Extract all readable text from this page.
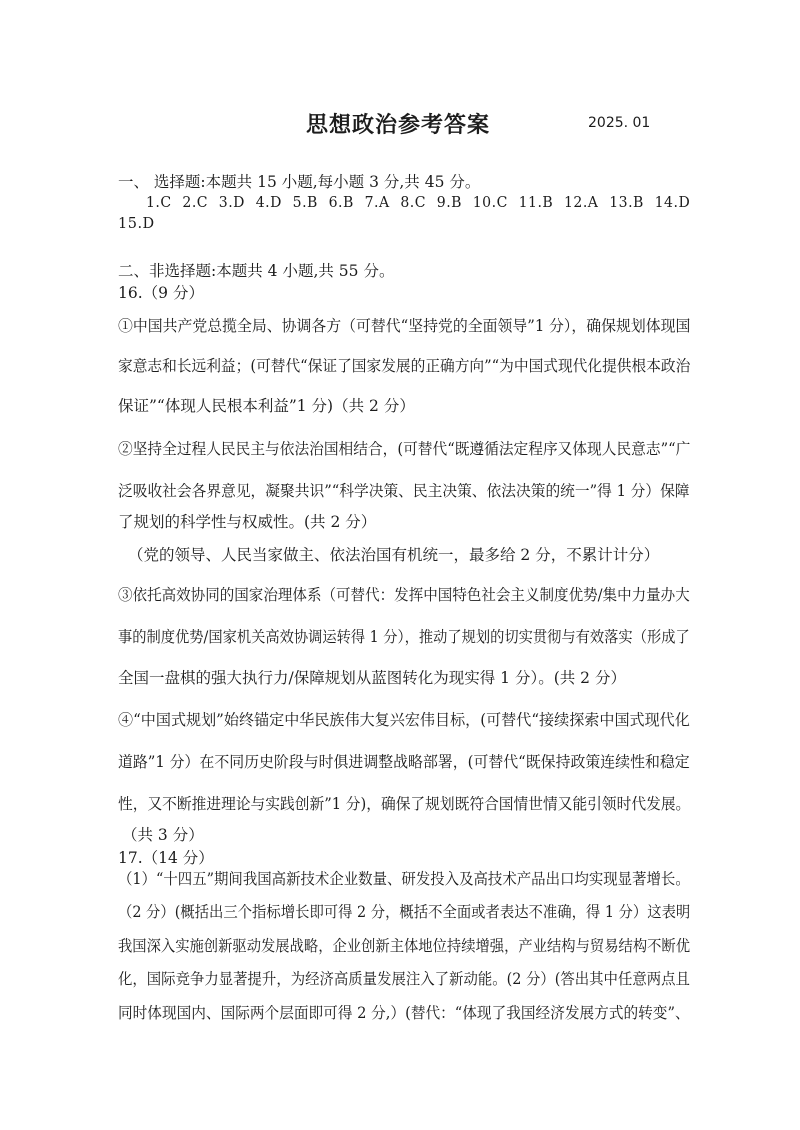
思想政治参考答案	2025. 01
一、 选择题:本题共 15 小题,每小题 3 分,共 45 分。
1.C 2.C 3.D 4.D 5.B 6.B 7.A 8.C 9.B 10.C 11.B 12.A 13.B 14.D
15.D
二、非选择题:本题共 4 小题,共 55 分。
16.（9 分）
①中国共产党总揽全局、协调各方（可替代“坚持党的全面领导”1 分），确保规划体现国
家意志和长远利益；(可替代“保证了国家发展的正确方向”“为中国式现代化提供根本政治
保证”“体现人民根本利益”1 分)（共 2 分）
②坚持全过程人民民主与依法治国相结合，(可替代“既遵循法定程序又体现人民意志”“广
泛吸收社会各界意见，凝聚共识”“科学决策、民主决策、依法决策的统一”得 1 分）保障
了规划的科学性与权威性。(共 2 分）
（党的领导、人民当家做主、依法治国有机统一，最多给 2 分，不累计计分）
③依托高效协同的国家治理体系（可替代：发挥中国特色社会主义制度优势/集中力量办大
事的制度优势/国家机关高效协调运转得 1 分），推动了规划的切实贯彻与有效落实（形成了
全国一盘棋的强大执行力/保障规划从蓝图转化为现实得 1 分）。(共 2 分）
④“中国式规划”始终锚定中华民族伟大复兴宏伟目标，(可替代“接续探索中国式现代化
道路”1 分）在不同历史阶段与时俱进调整战略部署，(可替代“既保持政策连续性和稳定
性，又不断推进理论与实践创新”1 分)，确保了规划既符合国情世情又能引领时代发展。
（共 3 分）
17.（14 分）
（1）“十四五”期间我国高新技术企业数量、研发投入及高技术产品出口均实现显著增长。
（2 分）(概括出三个指标增长即可得 2 分，概括不全面或者表达不准确，得 1 分）这表明
我国深入实施创新驱动发展战略，企业创新主体地位持续增强，产业结构与贸易结构不断优
化，国际竞争力显著提升，为经济高质量发展注入了新动能。(2 分）(答出其中任意两点且
同时体现国内、国际两个层面即可得 2 分,）(替代：“体现了我国经济发展方式的转变”、
